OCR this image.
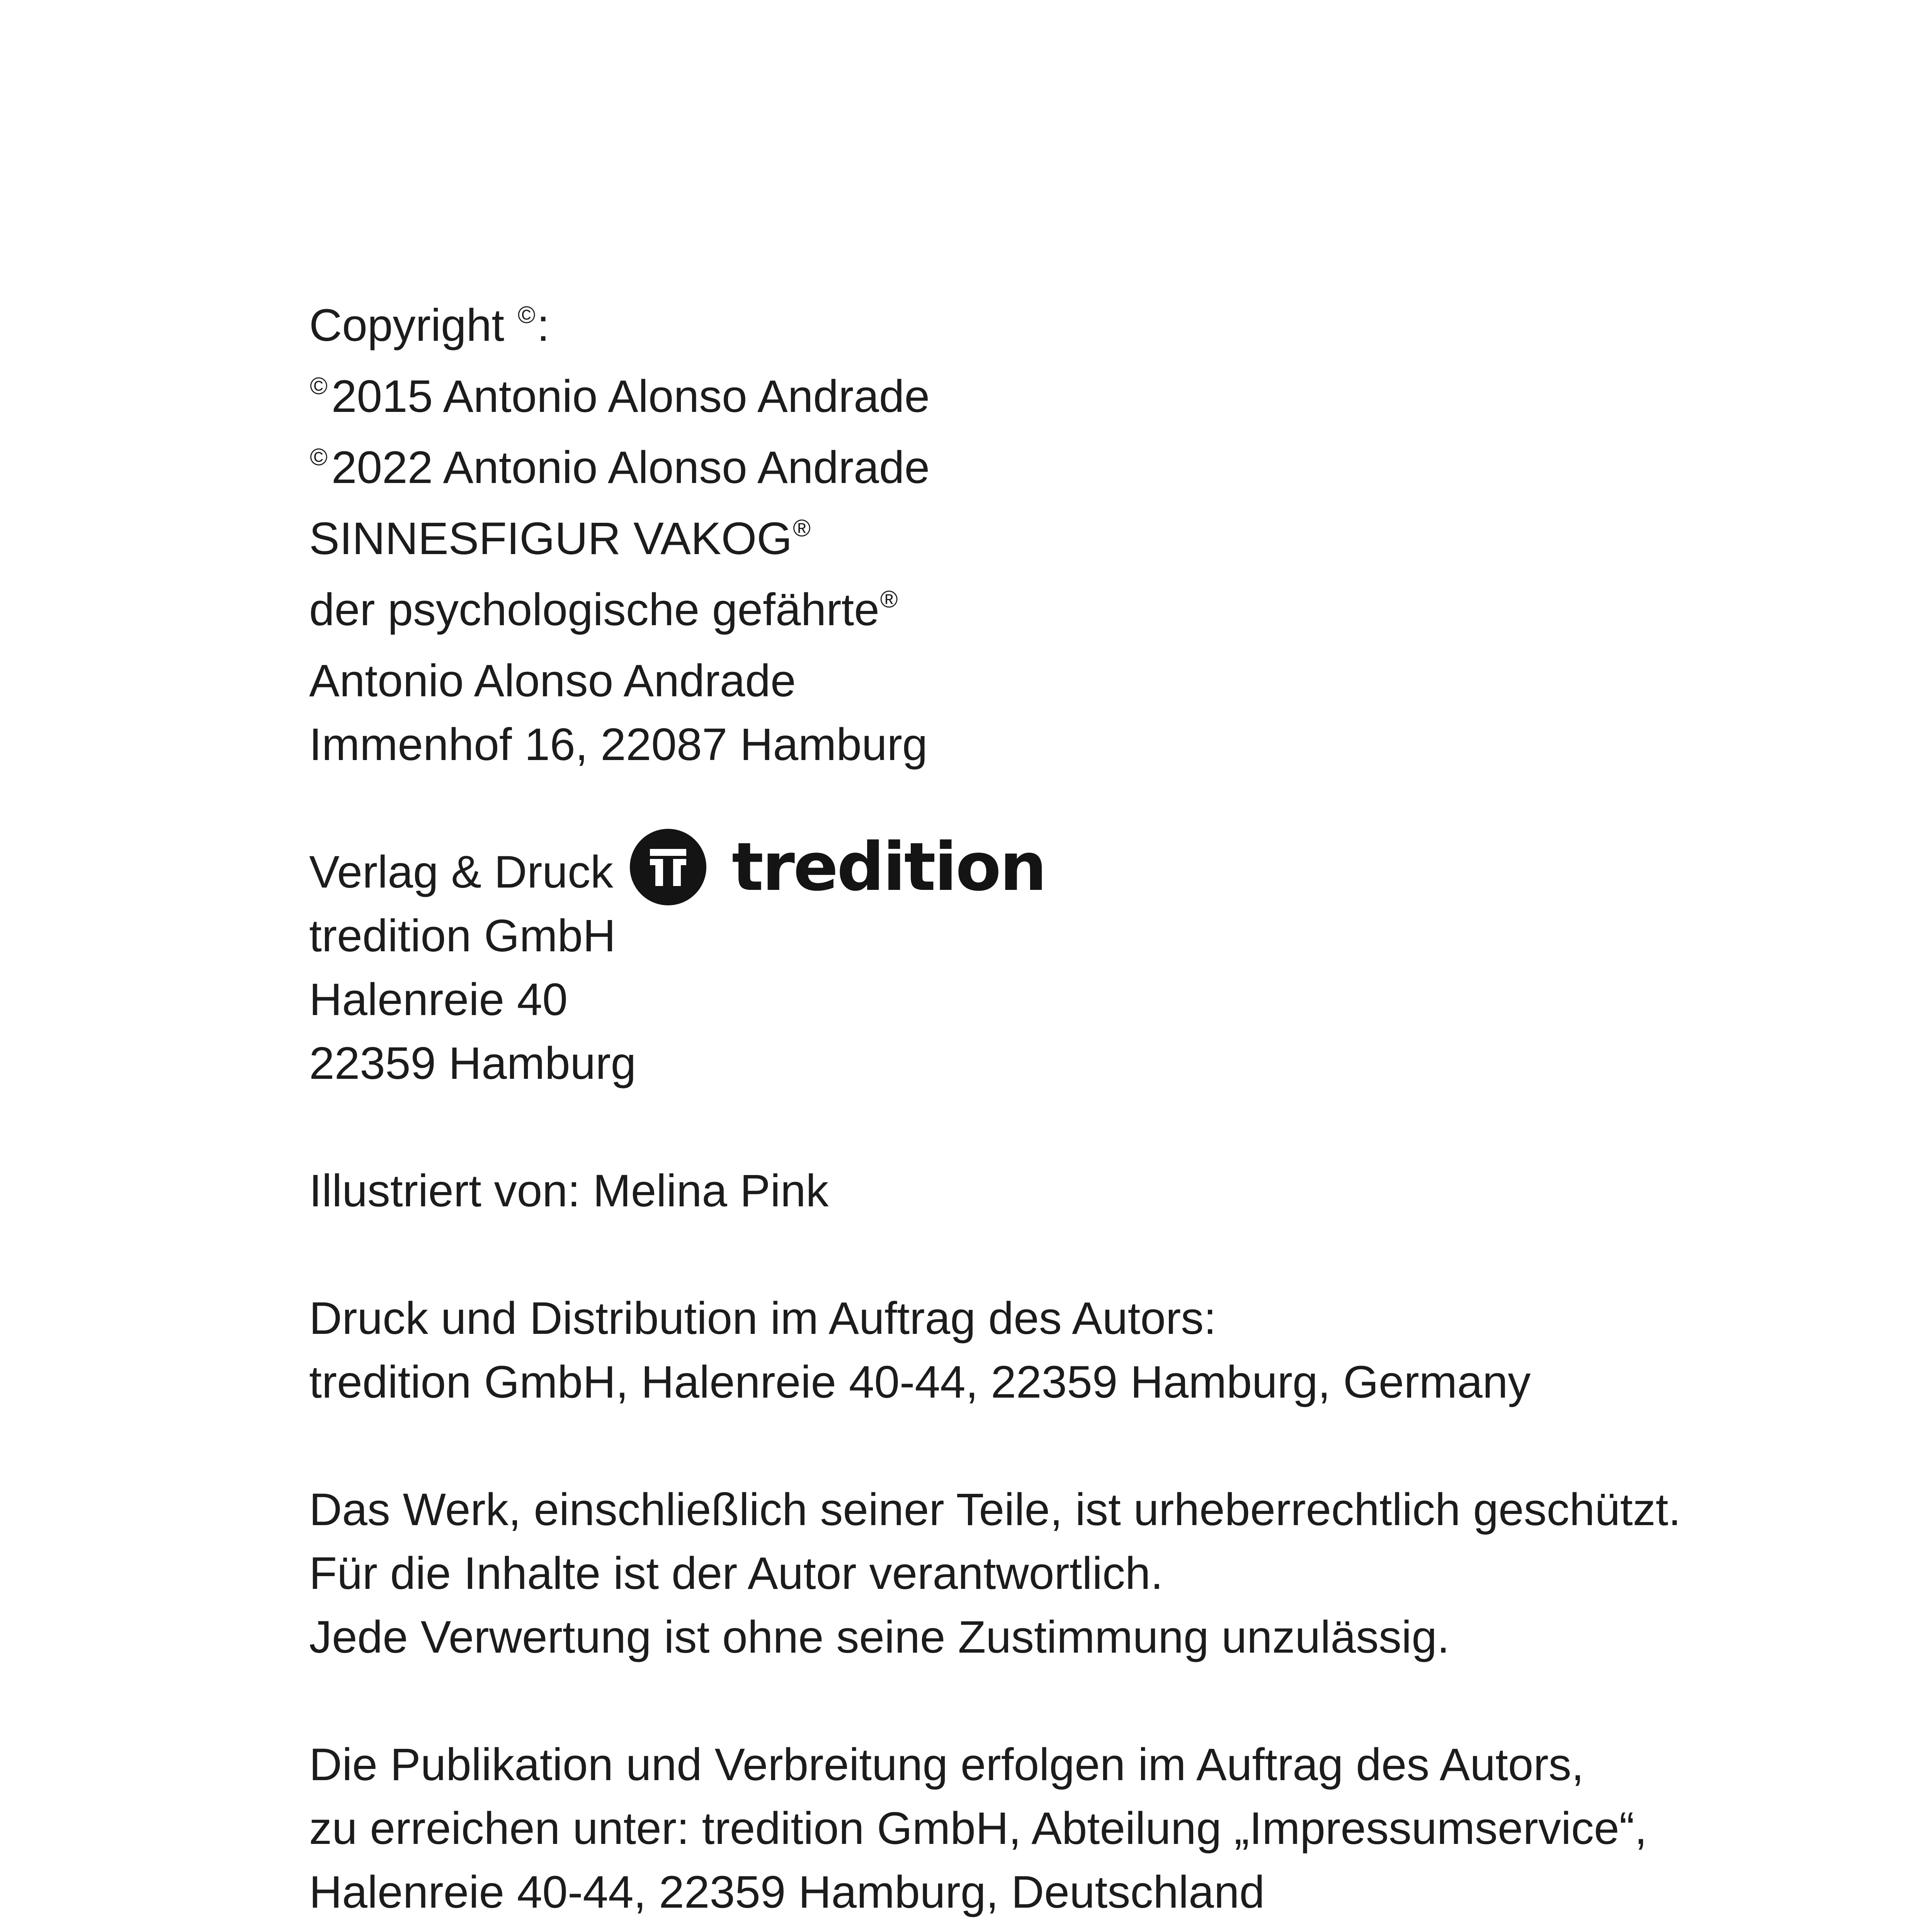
Copyright ©:

©2015 Antonio Alonso Andrade

©2022 Antonio Alonso Andrade

SINNESFIGUR VAKOG®

der psychologische gefährte®

Antonio Alonso Andrade

Immenhof 16, 22087 Hamburg

Verlag & Druck	tredition

tredition GmbH

Halenreie 40

22359 Hamburg

Illustriert von: Melina Pink

Druck und Distribution im Auftrag des Autors:

tredition GmbH, Halenreie 40-44, 22359 Hamburg, Germany

Das Werk, einschließlich seiner Teile, ist urheberrechtlich geschützt.

Für die Inhalte ist der Autor verantwortlich.

Jede Verwertung ist ohne seine Zustimmung unzulässig.

Die Publikation und Verbreitung erfolgen im Auftrag des Autors,

zu erreichen unter: tredition GmbH, Abteilung „Impressumservice“,

Halenreie 40-44, 22359 Hamburg, Deutschland
